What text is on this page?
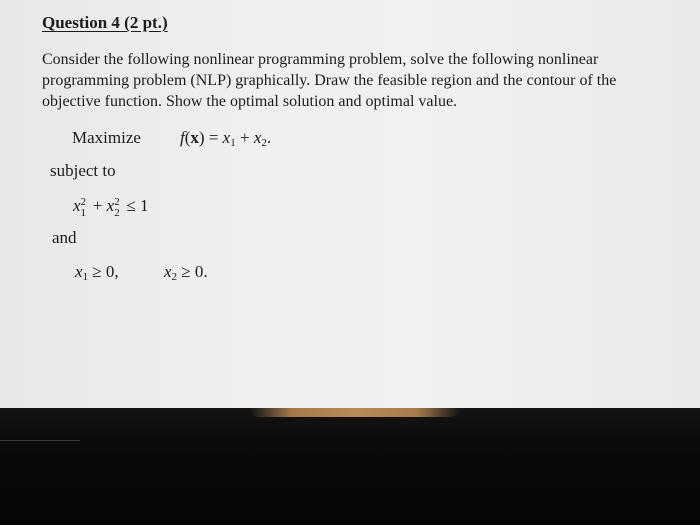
Question 4 (2 pt.)
Consider the following nonlinear programming problem, solve the following nonlinear
programming problem (NLP) graphically. Draw the feasible region and the contour of the
objective function. Show the optimal solution and optimal value.
Maximize $f(x) = x_1 + x_2$.
subject to
x 2
1 + x 2
2 ≤ 1
and
$x_1 \ge 0$,	$x_2 \ge 0$.
